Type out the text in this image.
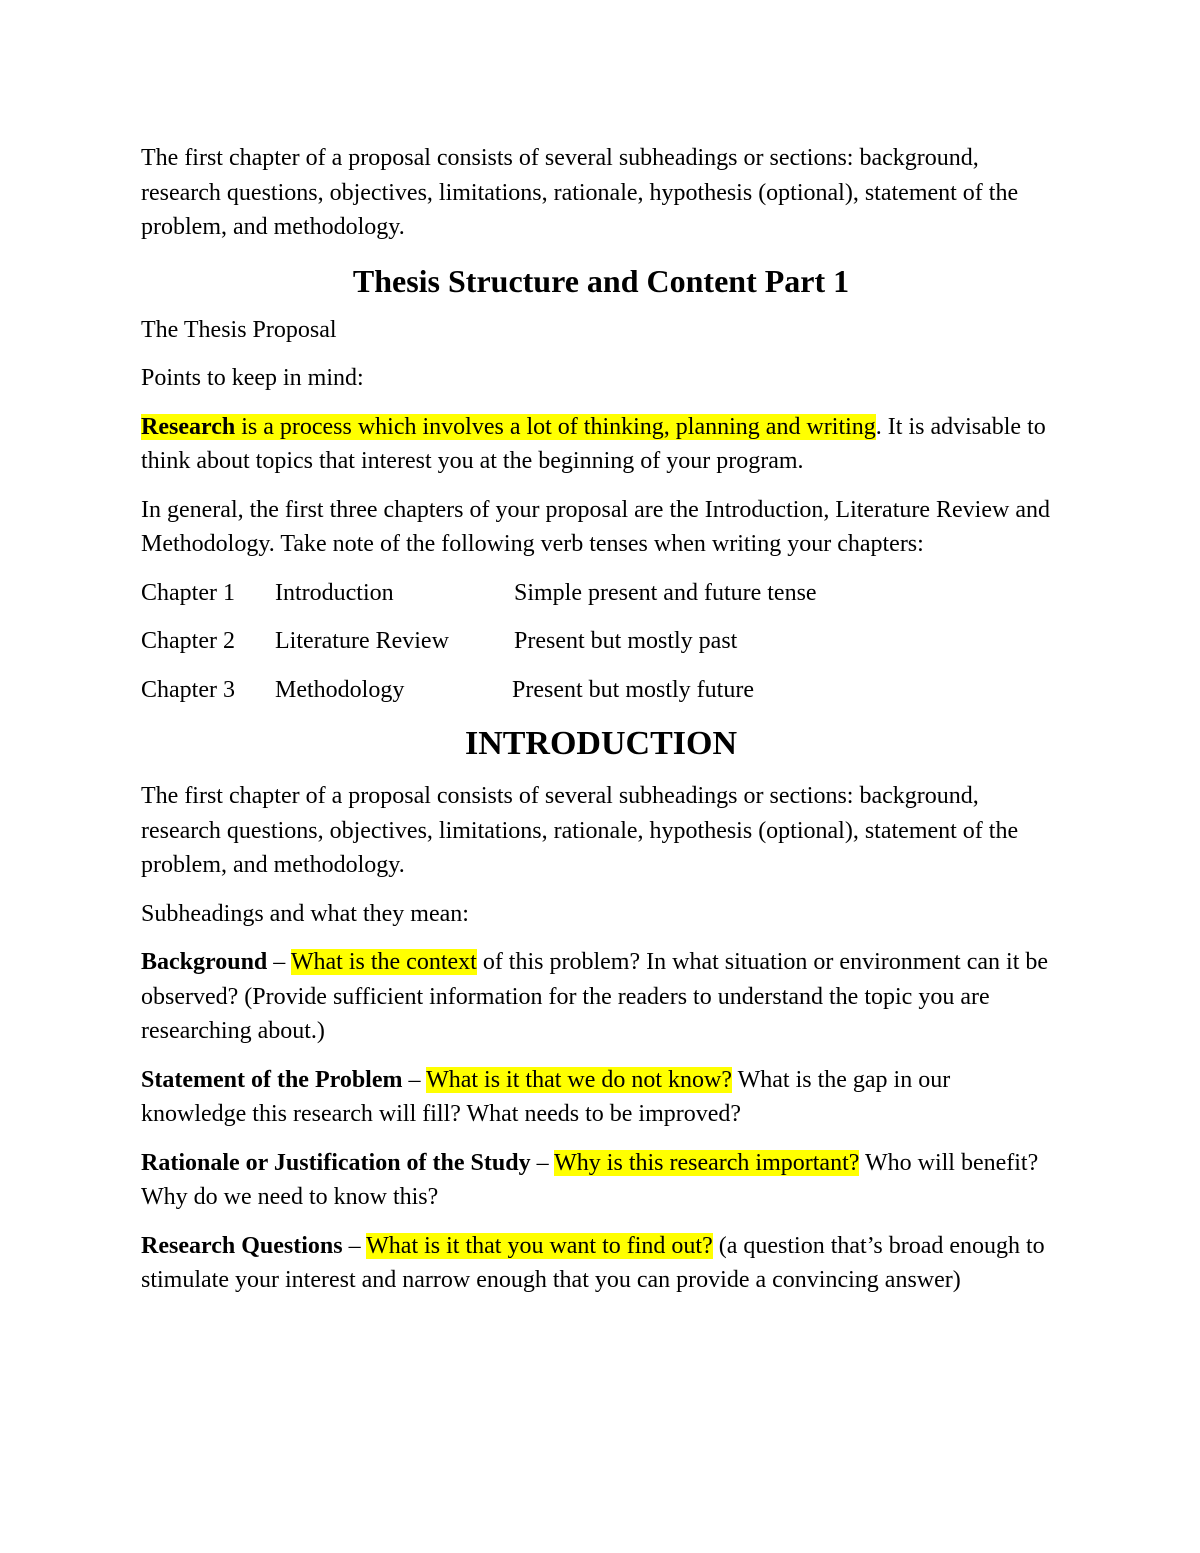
The first chapter of a proposal consists of several subheadings or sections: background, research questions, objectives, limitations, rationale, hypothesis (optional), statement of the problem, and methodology.

Thesis Structure and Content Part 1

The Thesis Proposal

Points to keep in mind:

Research is a process which involves a lot of thinking, planning and writing. It is advisable to think about topics that interest you at the beginning of your program.

In general, the first three chapters of your proposal are the Introduction, Literature Review and Methodology. Take note of the following verb tenses when writing your chapters:

Chapter 1	Introduction	Simple present and future tense
Chapter 2	Literature Review	Present but mostly past
Chapter 3	Methodology	Present but mostly future
INTRODUCTION

The first chapter of a proposal consists of several subheadings or sections: background, research questions, objectives, limitations, rationale, hypothesis (optional), statement of the problem, and methodology.

Subheadings and what they mean:

Background – What is the context of this problem? In what situation or environment can it be observed? (Provide sufficient information for the readers to understand the topic you are researching about.)

Statement of the Problem – What is it that we do not know? What is the gap in our knowledge this research will fill? What needs to be improved?

Rationale or Justification of the Study – Why is this research important? Who will benefit? Why do we need to know this?

Research Questions – What is it that you want to find out? (a question that’s broad enough to stimulate your interest and narrow enough that you can provide a convincing answer)
